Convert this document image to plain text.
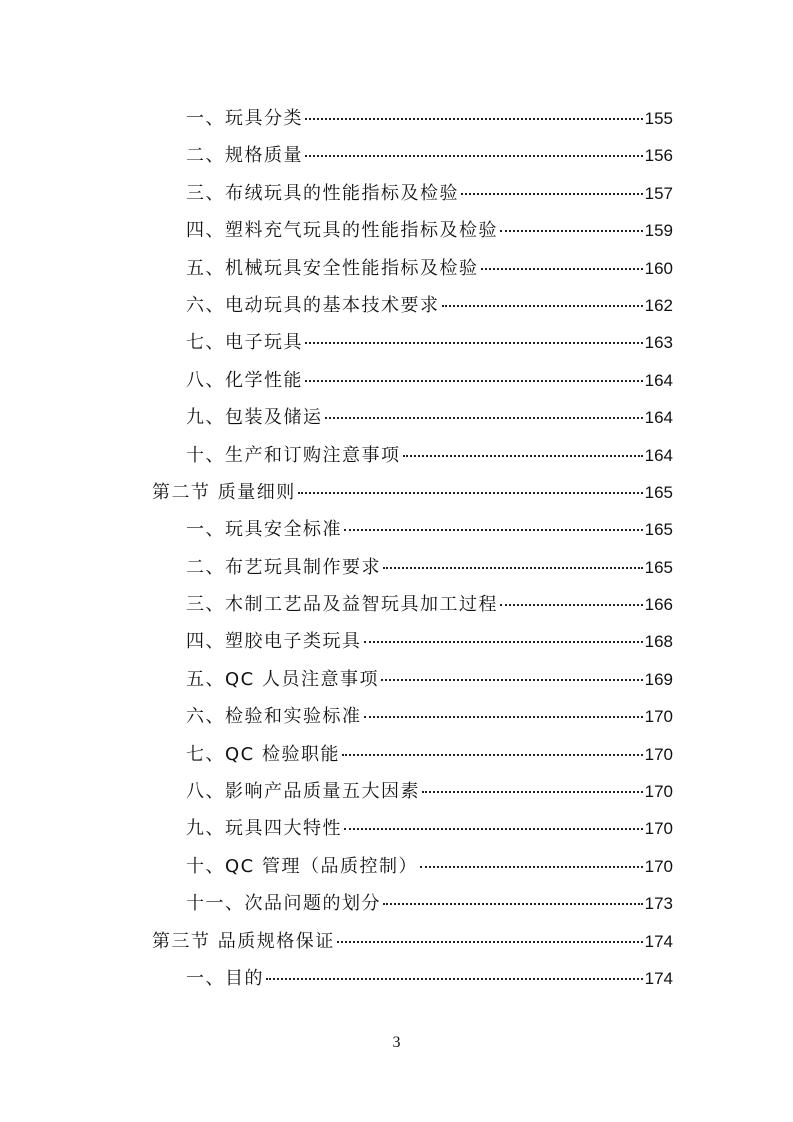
一、玩具分类	155
二、规格质量	156
三、布绒玩具的性能指标及检验	157
四、塑料充气玩具的性能指标及检验	159
五、机械玩具安全性能指标及检验	160
六、电动玩具的基本技术要求	162
七、电子玩具	163
八、化学性能	164
九、包装及储运	164
十、生产和订购注意事项	164
第二节 质量细则	165
一、玩具安全标准	165
二、布艺玩具制作要求	165
三、木制工艺品及益智玩具加工过程	166
四、塑胶电子类玩具	168
五、QC 人员注意事项	169
六、检验和实验标准	170
七、QC 检验职能	170
八、影响产品质量五大因素	170
九、玩具四大特性	170
十、QC 管理（品质控制）	170
十一、次品问题的划分	173
第三节 品质规格保证	174
一、目的	174
3
